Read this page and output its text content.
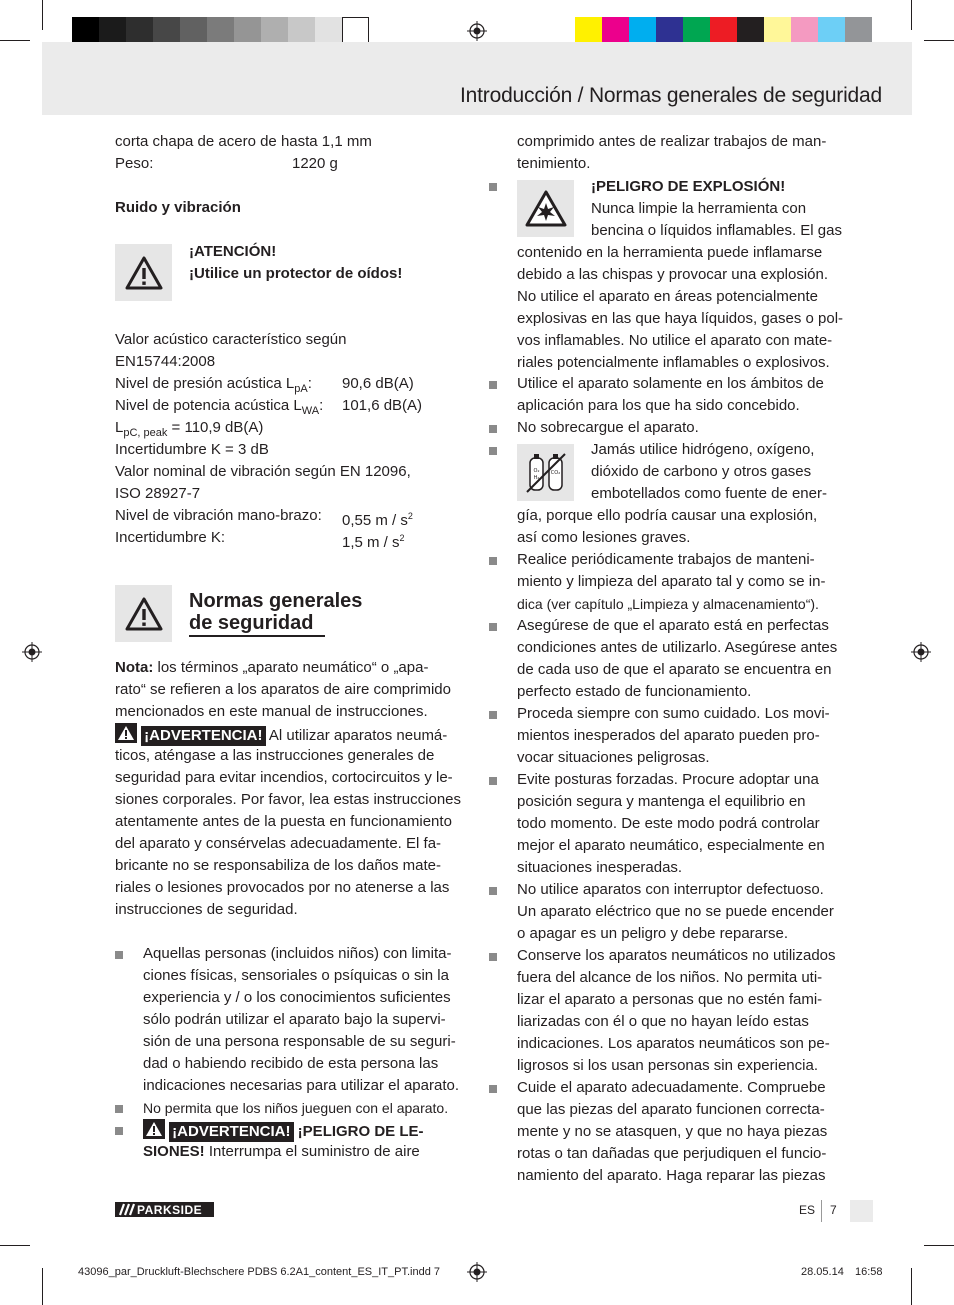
Introducción / Normas generales de seguridad
corta chapa de acero de hasta 1,1 mm
Peso:	1220 g
Ruido y vibración
¡ATENCIÓN!
¡Utilice un protector de oídos!
Valor acústico característico según
EN15744:2008
Nivel de presión acústica $L_{pA}$: 90,6 dB(A)
Nivel de potencia acústica $L_{WA}$: 101,6 dB(A)
$L_{pC, peak} = 110,9$ dB(A)
Incertidumbre K = 3 dB
Valor nominal de vibración según EN 12096,
ISO 28927-7
Nivel de vibración mano-brazo: 0,55 m / $s^2$
Incertidumbre K:	1,5 m / $s^2$
Normas generales
de seguridad
Nota: los términos „aparato neumático“ o „apa-
rato“ se refieren a los aparatos de aire comprimido
mencionados en este manual de instrucciones.
¡ADVERTENCIA! Al utilizar aparatos neumá-
ticos, aténgase a las instrucciones generales de
seguridad para evitar incendios, cortocircuitos y le-
siones corporales. Por favor, lea estas instrucciones
atentamente antes de la puesta en funcionamiento
del aparato y consérvelas adecuadamente. El fa-
bricante no se responsabiliza de los daños mate-
riales o lesiones provocados por no atenerse a las
instrucciones de seguridad.
Aquellas personas (incluidos niños) con limita-
ciones físicas, sensoriales o psíquicas o sin la
experiencia y / o los conocimientos suficientes
sólo podrán utilizar el aparato bajo la supervi-
sión de una persona responsable de su seguri-
dad o habiendo recibido de esta persona las
indicaciones necesarias para utilizar el aparato.
No permita que los niños jueguen con el aparato.
¡ADVERTENCIA! ¡PELIGRO DE LE-
SIONES! Interrumpa el suministro de aire
comprimido antes de realizar trabajos de man-
tenimiento.
¡PELIGRO DE EXPLOSIÓN!
Nunca limpie la herramienta con
bencina o líquidos inflamables. El gas
contenido en la herramienta puede inflamarse
debido a las chispas y provocar una explosión.
No utilice el aparato en áreas potencialmente
explosivas en las que haya líquidos, gases o pol-
vos inflamables. No utilice el aparato con mate-
riales potencialmente inflamables o explosivos.
Utilice el aparato solamente en los ámbitos de
aplicación para los que ha sido concebido.
No sobrecargue el aparato.
O₂
H₂
CO₂
Jamás utilice hidrógeno, oxígeno,
dióxido de carbono y otros gases
embotellados como fuente de ener-
gía, porque ello podría causar una explosión,
así como lesiones graves.
Realice periódicamente trabajos de manteni-
miento y limpieza del aparato tal y como se in-
dica (ver capítulo „Limpieza y almacenamiento“).
Asegúrese de que el aparato está en perfectas
condiciones antes de utilizarlo. Asegúrese antes
de cada uso de que el aparato se encuentra en
perfecto estado de funcionamiento.
Proceda siempre con sumo cuidado. Los movi-
mientos inesperados del aparato pueden pro-
vocar situaciones peligrosas.
Evite posturas forzadas. Procure adoptar una
posición segura y mantenga el equilibrio en
todo momento. De este modo podrá controlar
mejor el aparato neumático, especialmente en
situaciones inesperadas.
No utilice aparatos con interruptor defectuoso.
Un aparato eléctrico que no se puede encender
o apagar es un peligro y debe repararse.
Conserve los aparatos neumáticos no utilizados
fuera del alcance de los niños. No permita uti-
lizar el aparato a personas que no estén fami-
liarizadas con él o que no hayan leído estas
indicaciones. Los aparatos neumáticos son pe-
ligrosos si los usan personas sin experiencia.
Cuide el aparato adecuadamente. Compruebe
que las piezas del aparato funcionen correcta-
mente y no se atasquen, y que no haya piezas
rotas o tan dañadas que perjudiquen el funcio-
namiento del aparato. Haga reparar las piezas
PARKSIDE	ES 7
43096_par_Druckluft-Blechschere PDBS 6.2A1_content_ES_IT_PT.indd 7	28.05.14 16:58
